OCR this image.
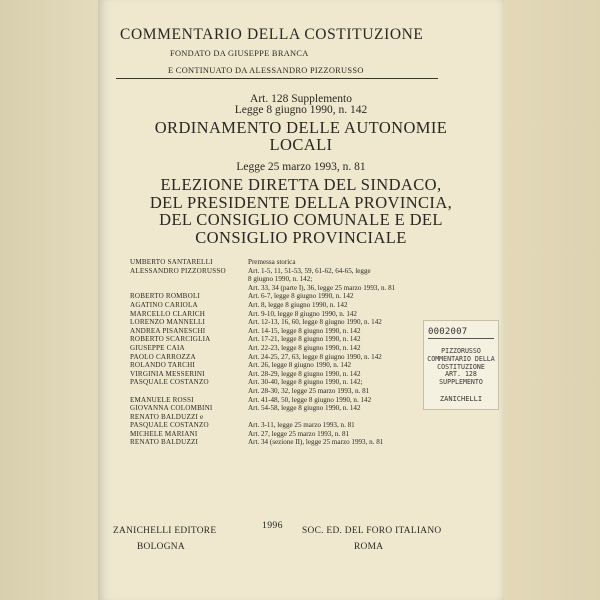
COMMENTARIO DELLA COSTITUZIONE
FONDATO DA GIUSEPPE BRANCA
E CONTINUATO DA ALESSANDRO PIZZORUSSO
Art. 128 Supplemento
Legge 8 giugno 1990, n. 142
ORDINAMENTO DELLE AUTONOMIE
LOCALI
Legge 25 marzo 1993, n. 81
ELEZIONE DIRETTA DEL SINDACO,
DEL PRESIDENTE DELLA PROVINCIA,
DEL CONSIGLIO COMUNALE E DEL
CONSIGLIO PROVINCIALE
UMBERTO SANTARELLI	Premessa storica
ALESSANDRO PIZZORUSSO	Art. 1-5, 11, 51-53, 59, 61-62, 64-65, legge
8 giugno 1990, n. 142;
Art. 33, 34 (parte I), 36, legge 25 marzo 1993, n. 81
ROBERTO ROMBOLI	Art. 6-7, legge 8 giugno 1990, n. 142
AGATINO CARIOLA	Art. 8, legge 8 giugno 1990, n. 142
MARCELLO CLARICH	Art. 9-10, legge 8 giugno 1990, n. 142
LORENZO MANNELLI	Art. 12-13, 16, 60, legge 8 giugno 1990, n. 142
ANDREA PISANESCHI	Art. 14-15, legge 8 giugno 1990, n. 142
ROBERTO SCARCIGLIA	Art. 17-21, legge 8 giugno 1990, n. 142
GIUSEPPE CAIA	Art. 22-23, legge 8 giugno 1990, n. 142
PAOLO CARROZZA	Art. 24-25, 27, 63, legge 8 giugno 1990, n. 142
ROLANDO TARCHI	Art. 26, legge 8 giugno 1990, n. 142
VIRGINIA MESSERINI	Art. 28-29, legge 8 giugno 1990, n. 142
PASQUALE COSTANZO	Art. 30-40, legge 8 giugno 1990, n. 142;
Art. 28-30, 32, legge 25 marzo 1993, n. 81
EMANUELE ROSSI	Art. 41-48, 50, legge 8 giugno 1990, n. 142
GIOVANNA COLOMBINI	Art. 54-58, legge 8 giugno 1990, n. 142
RENATO BALDUZZI e
PASQUALE COSTANZO	Art. 3-11, legge 25 marzo 1993, n. 81
MICHELE MARIANI	Art. 27, legge 25 marzo 1993, n. 81
RENATO BALDUZZI	Art. 34 (sezione II), legge 25 marzo 1993, n. 81
1996
ZANICHELLI EDITORE
BOLOGNA
SOC. ED. DEL FORO ITALIANO
ROMA
0002007
PIZZORUSSO
COMMENTARIO DELLA
COSTITUZIONE
ART. 128
SUPPLEMENTO
ZANICHELLI
